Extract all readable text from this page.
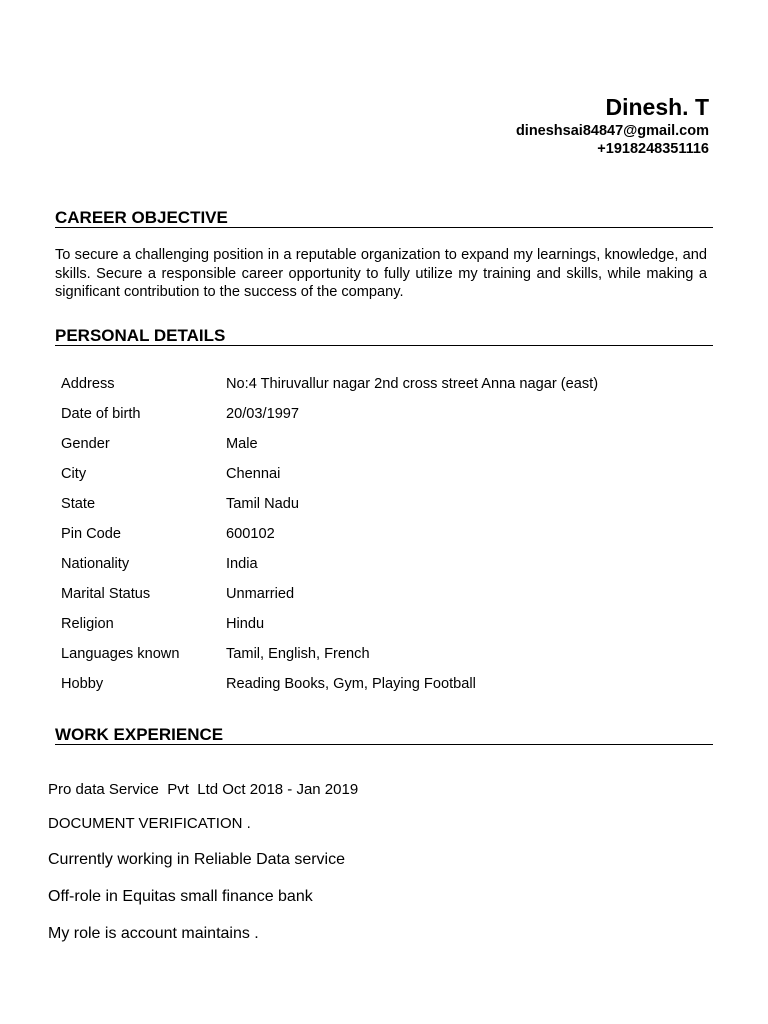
Dinesh. T
dineshsai84847@gmail.com
+1918248351116
CAREER OBJECTIVE

To secure a challenging position in a reputable organization to expand my learnings, knowledge, and skills. Secure a responsible career opportunity to fully utilize my training and skills, while making a significant contribution to the success of the company.

PERSONAL DETAILS
Address	No:4 Thiruvallur nagar 2nd cross street Anna nagar (east)
Date of birth	20/03/1997
Gender	Male
City	Chennai
State	Tamil Nadu
Pin Code	600102
Nationality	India
Marital Status	Unmarried
Religion	Hindu
Languages known	Tamil, English, French
Hobby	Reading Books, Gym, Playing Football
WORK EXPERIENCE
Pro data Service  Pvt  Ltd Oct 2018 - Jan 2019
DOCUMENT VERIFICATION .
Currently working in Reliable Data service
Off-role in Equitas small finance bank
My role is account maintains .
